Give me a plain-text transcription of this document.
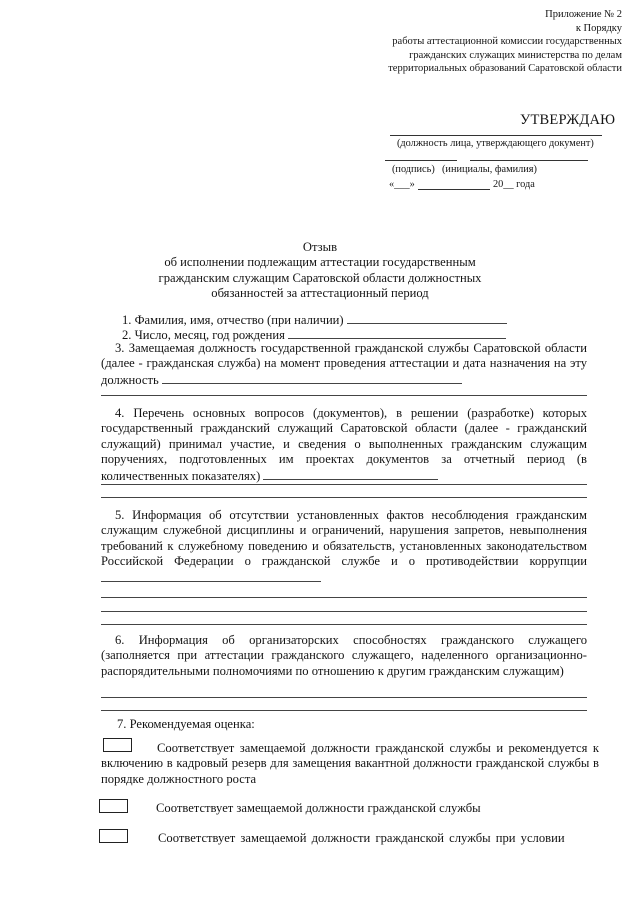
Приложение № 2
к Порядку
работы аттестационной комиссии государственных
гражданских служащих министерства по делам
территориальных образований Саратовской области
УТВЕРЖДАЮ
(должность лица, утверждающего документ)
(подпись) (инициалы, фамилия)
«___»	20__ года
Отзыв
об исполнении подлежащим аттестации государственным
гражданским служащим Саратовской области должностных
обязанностей за аттестационный период
1. Фамилия, имя, отчество (при наличии)
2. Число, месяц, год рождения
3. Замещаемая должность государственной гражданской службы Саратовской области (далее - гражданская служба) на момент проведения аттестации и дата назначения на эту должность
4. Перечень основных вопросов (документов), в решении (разработке) которых государственный гражданский служащий Саратовской области (далее - гражданский служащий) принимал участие, и сведения о выполненных гражданским служащим поручениях, подготовленных им проектах документов за отчетный период (в количественных показателях)
5. Информация об отсутствии установленных фактов несоблюдения гражданским служащим служебной дисциплины и ограничений, нарушения запретов, невыполнения требований к служебному поведению и обязательств, установленных законодательством Российской Федерации о гражданской службе и о противодействии коррупции
6. Информация об организаторских способностях гражданского служащего (заполняется при аттестации гражданского служащего, наделенного организационно-распорядительными полномочиями по отношению к другим гражданским служащим)
7. Рекомендуемая оценка:
Соответствует замещаемой должности гражданской службы и рекомендуется к включению в кадровый резерв для замещения вакантной должности гражданской службы в порядке должностного роста
Соответствует замещаемой должности гражданской службы
Соответствует замещаемой должности гражданской службы при условии
